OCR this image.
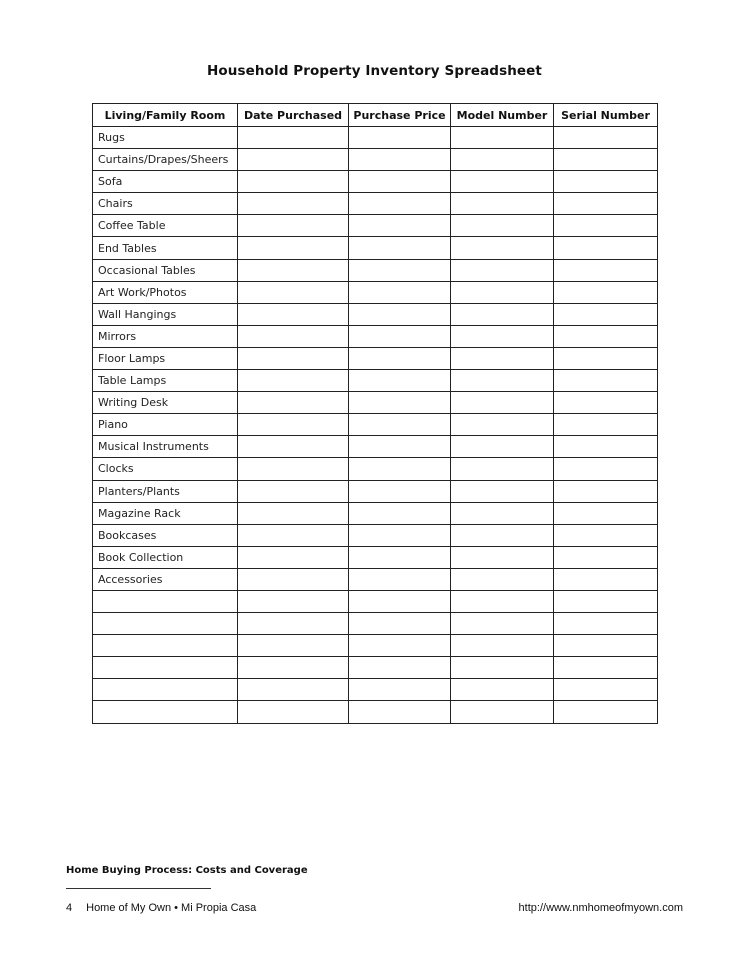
Household Property Inventory Spreadsheet
Living/Family Room	Date Purchased	Purchase Price	Model Number	Serial Number
Rugs				
Curtains/Drapes/Sheers				
Sofa				
Chairs				
Coffee Table				
End Tables				
Occasional Tables				
Art Work/Photos				
Wall Hangings				
Mirrors				
Floor Lamps				
Table Lamps				
Writing Desk				
Piano				
Musical Instruments				
Clocks				
Planters/Plants				
Magazine Rack				
Bookcases				
Book Collection				
Accessories				

Home Buying Process: Costs and Coverage
4 Home of My Own • Mi Propia Casa	http://www.nmhomeofmyown.com
